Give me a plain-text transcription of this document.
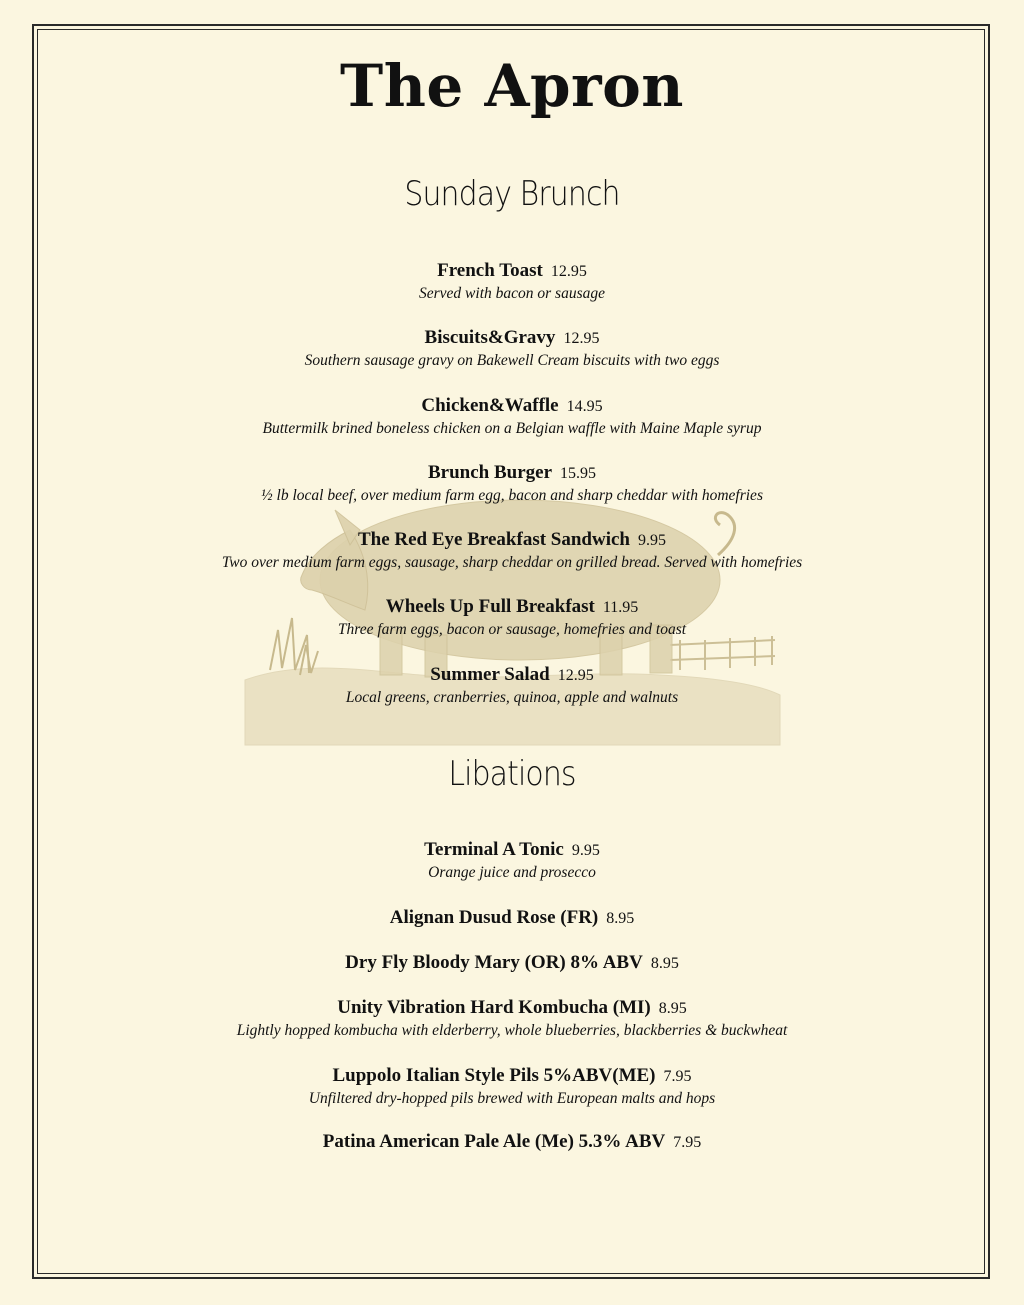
The Apron
Sunday Brunch
French Toast 12.95
Served with bacon or sausage
Biscuits&Gravy 12.95
Southern sausage gravy on Bakewell Cream biscuits with two eggs
Chicken&Waffle 14.95
Buttermilk brined boneless chicken on a Belgian waffle with Maine Maple syrup
Brunch Burger 15.95
½ lb local beef, over medium farm egg, bacon and sharp cheddar with homefries
The Red Eye Breakfast Sandwich 9.95
Two over medium farm eggs, sausage, sharp cheddar on grilled bread. Served with homefries
Wheels Up Full Breakfast 11.95
Three farm eggs, bacon or sausage, homefries and toast
Summer Salad 12.95
Local greens, cranberries, quinoa, apple and walnuts
Libations
Terminal A Tonic 9.95
Orange juice and prosecco
Alignan Dusud Rose (FR) 8.95
Dry Fly Bloody Mary (OR) 8% ABV 8.95
Unity Vibration Hard Kombucha (MI) 8.95
Lightly hopped kombucha with elderberry, whole blueberries, blackberries & buckwheat
Luppolo Italian Style Pils 5%ABV(ME) 7.95
Unfiltered dry-hopped pils brewed with European malts and hops
Patina American Pale Ale (Me) 5.3% ABV 7.95
